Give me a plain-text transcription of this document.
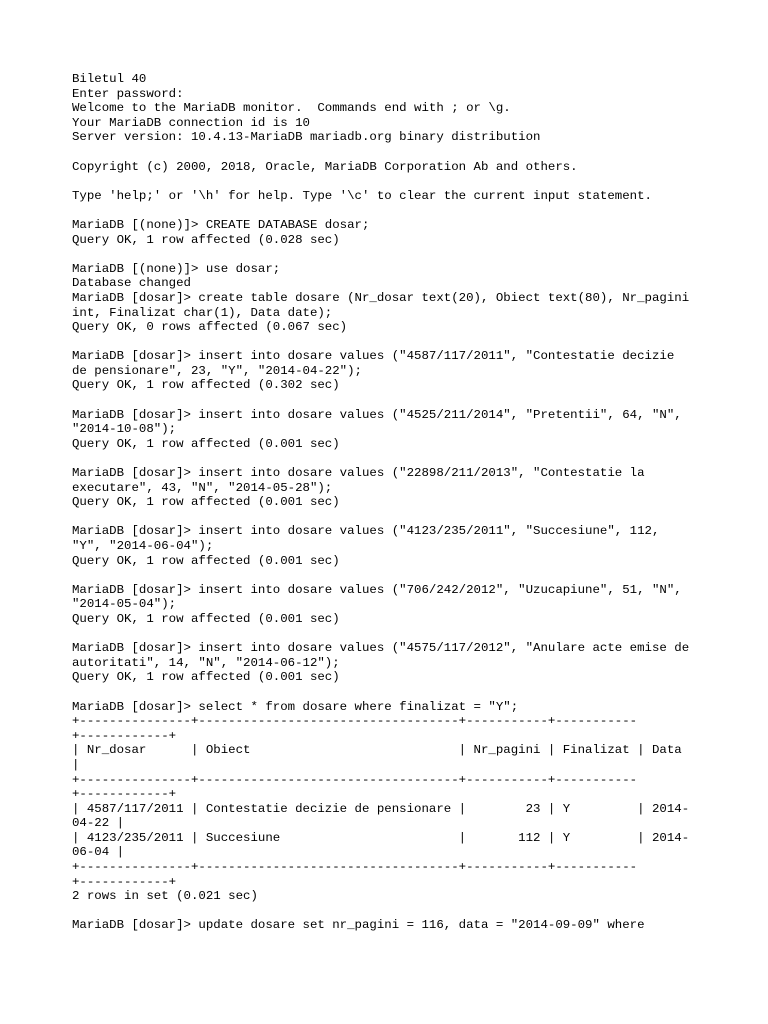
Biletul 40
Enter password:
Welcome to the MariaDB monitor.  Commands end with ; or \g.
Your MariaDB connection id is 10
Server version: 10.4.13-MariaDB mariadb.org binary distribution
Copyright (c) 2000, 2018, Oracle, MariaDB Corporation Ab and others.
Type 'help;' or '\h' for help. Type '\c' to clear the current input statement.
MariaDB [(none)]> CREATE DATABASE dosar;
Query OK, 1 row affected (0.028 sec)
MariaDB [(none)]> use dosar;
Database changed
MariaDB [dosar]> create table dosare (Nr_dosar text(20), Obiect text(80), Nr_pagini
int, Finalizat char(1), Data date);
Query OK, 0 rows affected (0.067 sec)
MariaDB [dosar]> insert into dosare values ("4587/117/2011", "Contestatie decizie
de pensionare", 23, "Y", "2014-04-22");
Query OK, 1 row affected (0.302 sec)
MariaDB [dosar]> insert into dosare values ("4525/211/2014", "Pretentii", 64, "N",
"2014-10-08");
Query OK, 1 row affected (0.001 sec)
MariaDB [dosar]> insert into dosare values ("22898/211/2013", "Contestatie la
executare", 43, "N", "2014-05-28");
Query OK, 1 row affected (0.001 sec)
MariaDB [dosar]> insert into dosare values ("4123/235/2011", "Succesiune", 112,
"Y", "2014-06-04");
Query OK, 1 row affected (0.001 sec)
MariaDB [dosar]> insert into dosare values ("706/242/2012", "Uzucapiune", 51, "N",
"2014-05-04");
Query OK, 1 row affected (0.001 sec)
MariaDB [dosar]> insert into dosare values ("4575/117/2012", "Anulare acte emise de
autoritati", 14, "N", "2014-06-12");
Query OK, 1 row affected (0.001 sec)
MariaDB [dosar]> select * from dosare where finalizat = "Y";
+---------------+-----------------------------------+-----------+-----------
+------------+
| Nr_dosar      | Obiect                            | Nr_pagini | Finalizat | Data
|
+---------------+-----------------------------------+-----------+-----------
+------------+
| 4587/117/2011 | Contestatie decizie de pensionare |        23 | Y         | 2014-
04-22 |
| 4123/235/2011 | Succesiune                        |       112 | Y         | 2014-
06-04 |
+---------------+-----------------------------------+-----------+-----------
+------------+
2 rows in set (0.021 sec)
MariaDB [dosar]> update dosare set nr_pagini = 116, data = "2014-09-09" where
